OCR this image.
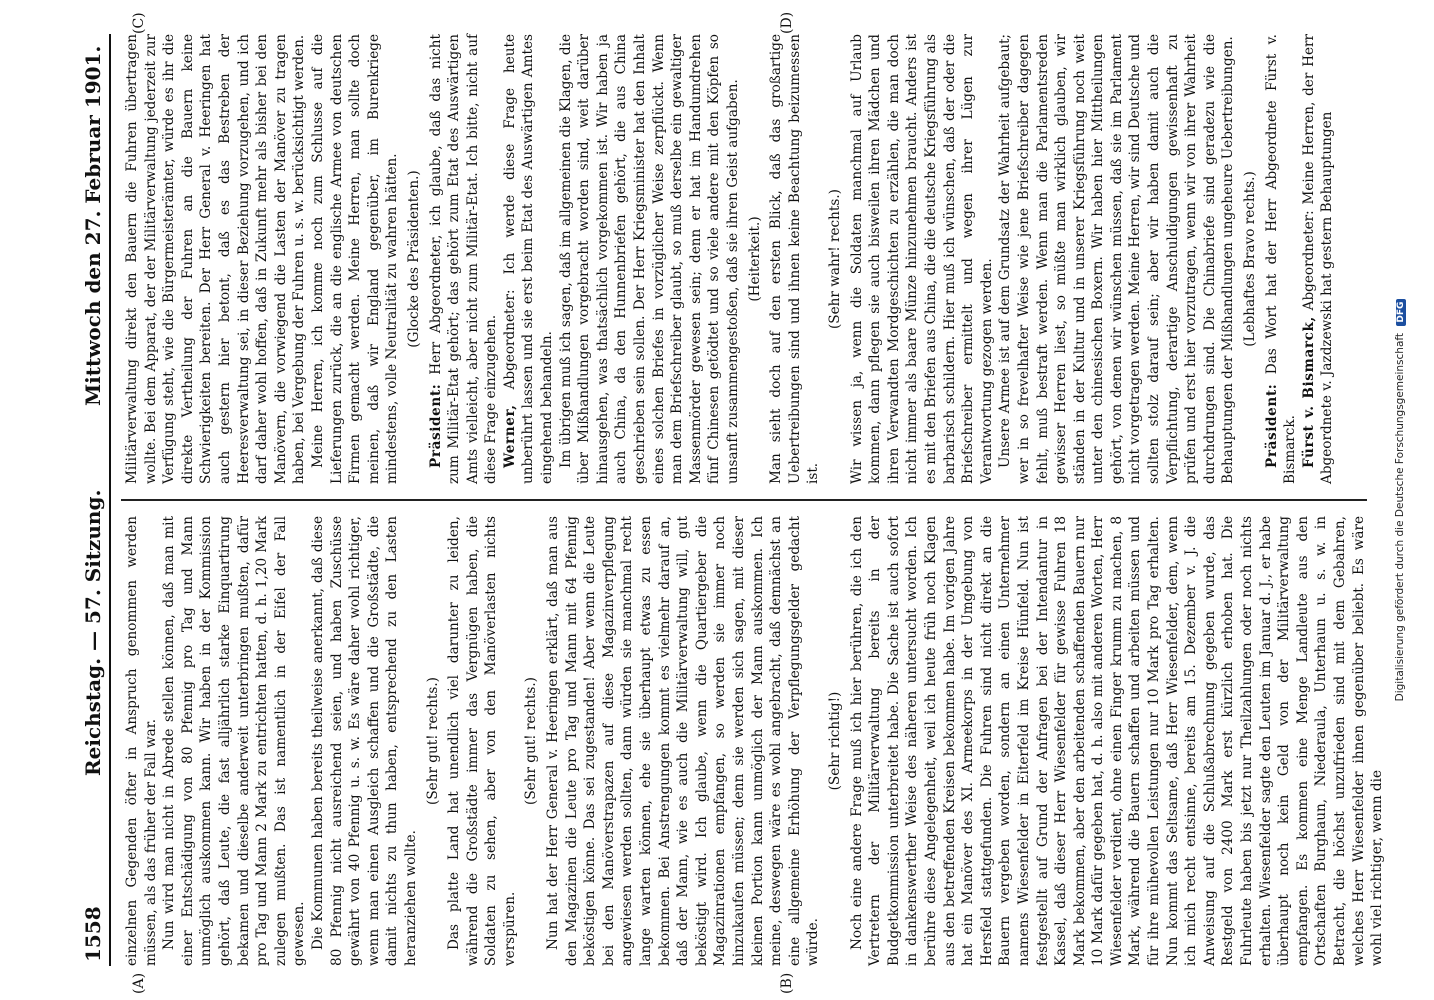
1558
Reichstag. — 57. Sitzung.
Mittwoch den 27. Februar 1901.
(A)	(B)
(C)	(D)

einzelnen Gegenden öfter in Anspruch genommen werden müssen, als das früher der Fall war. Nun wird man nicht in Abrede stellen können, daß man mit einer Entschädigung von 80 Pfennig pro Tag und Mann unmöglich auskommen kann. Wir haben in der Kommission gehört, daß Leute, die fast alljährlich starke Einquartirung bekamen und dieselbe anderweit unterbringen mußten, dafür pro Tag und Mann 2 Mark zu entrichten hatten, d. h. 1,20 Mark zulegen mußten. Das ist namentlich in der Eifel der Fall gewesen. Die Kommunen haben bereits theilweise anerkannt, daß diese 80 Pfennig nicht ausreichend seien, und haben Zuschüsse gewährt von 40 Pfennig u. s. w. Es wäre daher wohl richtiger, wenn man einen Ausgleich schaffen und die Großstädte, die damit nichts zu thun haben, entsprechend zu den Lasten heranziehen wollte.

(Sehr gut! rechts.) Das platte Land hat unendlich viel darunter zu leiden, während die Großstädte immer das Vergnügen haben, die Soldaten zu sehen, aber von den Manöverlasten nichts verspüren.

(Sehr gut! rechts.) Nun hat der Herr General v. Heeringen erklärt, daß man aus den Magazinen die Leute pro Tag und Mann mit 64 Pfennig beköstigen könne. Das sei zugestanden! Aber wenn die Leute bei den Manöverstrapazen auf diese Magazinverpflegung angewiesen werden sollten, dann würden sie manchmal recht lange warten können, ehe sie überhaupt etwas zu essen bekommen. Bei Anstrengungen kommt es vielmehr darauf an, daß der Mann, wie es auch die Militärverwaltung will, gut beköstigt wird. Ich glaube, wenn die Quartiergeber die Magazinrationen empfangen, so werden sie immer noch hinzukaufen müssen; denn sie werden sich sagen, mit dieser kleinen Portion kann unmöglich der Mann auskommen. Ich meine, deswegen wäre es wohl angebracht, daß demnächst an eine allgemeine Erhöhung der Verpflegungsgelder gedacht würde.

(Sehr richtig!) Noch eine andere Frage muß ich hier berühren, die ich den Vertretern der Militärverwaltung bereits in der Budgetkommission unterbreitet habe. Die Sache ist auch sofort in dankenswerther Weise des näheren untersucht worden. Ich berühre diese Angelegenheit, weil ich heute früh noch Klagen aus den betreffenden Kreisen bekommen habe. Im vorigen Jahre hat ein Manöver des XI. Armeekorps in der Umgebung von Hersfeld stattgefunden. Die Fuhren sind nicht direkt an die Bauern vergeben worden, sondern an einen Unternehmer namens Wiesenfelder in Eiterfeld im Kreise Hünfeld. Nun ist festgestellt auf Grund der Anfragen bei der Intendantur in Kassel, daß dieser Herr Wiesenfelder für gewisse Fuhren 18 Mark bekommen, aber den arbeitenden schaffenden Bauern nur 10 Mark dafür gegeben hat, d. h. also mit anderen Worten, Herr Wiesenfelder verdient, ohne einen Finger krumm zu machen, 8 Mark, während die Bauern schaffen und arbeiten müssen und für ihre mühevollen Leistungen nur 10 Mark pro Tag erhalten. Nun kommt das Seltsame, daß Herr Wiesenfelder, dem, wenn ich mich recht entsinne, bereits am 15. Dezember v. J. die Anweisung auf die Schlußabrechnung gegeben wurde, das Restgeld von 2400 Mark erst kürzlich erhoben hat. Die Fuhrleute haben bis jetzt nur Theilzahlungen oder noch nichts erhalten. Wiesenfelder sagte den Leuten im Januar d. J., er habe überhaupt noch kein Geld von der Militärverwaltung empfangen. Es kommen eine Menge Landleute aus den Ortschaften Burghaun, Niederaula, Unterhaun u. s. w. in Betracht, die höchst unzufrieden sind mit dem Gebahren, welches Herr Wiesenfelder ihnen gegenüber beliebt. Es wäre wohl viel richtiger, wenn die

Militärverwaltung direkt den Bauern die Fuhren übertragen wollte. Bei dem Apparat, der der Militärverwaltung jederzeit zur Verfügung steht, wie die Bürgermeisterämter, würde es ihr die direkte Vertheilung der Fuhren an die Bauern keine Schwierigkeiten bereiten. Der Herr General v. Heeringen hat auch gestern hier betont, daß es das Bestreben der Heeresverwaltung sei, in dieser Beziehung vorzugehen, und ich darf daher wohl hoffen, daß in Zukunft mehr als bisher bei den Manövern, die vorwiegend die Lasten der Manöver zu tragen haben, bei Vergebung der Fuhren u. s. w. berücksichtigt werden. Meine Herren, ich komme noch zum Schlusse auf die Lieferungen zurück, die an die englische Armee von deutschen Firmen gemacht werden. Meine Herren, man sollte doch meinen, daß wir England gegenüber, im Burenkriege mindestens, volle Neutralität zu wahren hätten. (Glocke des Präsidenten.)

Präsident: Herr Abgeordneter, ich glaube, daß das nicht zum Militär-Etat gehört; das gehört zum Etat des Auswärtigen Amts vielleicht, aber nicht zum Militär-Etat. Ich bitte, nicht auf diese Frage einzugehen. Werner, Abgeordneter: Ich werde diese Frage heute unberührt lassen und sie erst beim Etat des Auswärtigen Amtes eingehend behandeln. Im übrigen muß ich sagen, daß im allgemeinen die Klagen, die über Mißhandlungen vorgebracht worden sind, weit darüber hinausgehen, was thatsächlich vorgekommen ist. Wir haben ja auch China, da den Hunnenbriefen gehört, die aus China geschrieben sein sollen. Der Herr Kriegsminister hat den Inhalt eines solchen Briefes in vorzüglicher Weise zerpflückt. Wenn man dem Briefschreiber glaubt, so muß derselbe ein gewaltiger Massenmörder gewesen sein; denn er hat im Handumdrehen fünf Chinesen getödtet und so viele andere mit den Köpfen so unsanft zusammengestoßen, daß sie ihren Geist aufgaben. (Heiterkeit.) Man sieht doch auf den ersten Blick, daß das großartige Uebertreibungen sind und ihnen keine Beachtung beizumessen ist.

(Sehr wahr! rechts.) Wir wissen ja, wenn die Soldaten manchmal auf Urlaub kommen, dann pflegen sie auch bisweilen ihren Mädchen und ihren Verwandten Mordgeschichten zu erzählen, die man doch nicht immer als baare Münze hinzunehmen braucht. Anders ist es mit den Briefen aus China, die die deutsche Kriegsführung als barbarisch schildern. Hier muß ich wünschen, daß der oder die Briefschreiber ermittelt und wegen ihrer Lügen zur Verantwortung gezogen werden. Unsere Armee ist auf dem Grundsatz der Wahrheit aufgebaut; wer in so frevelhafter Weise wie jene Briefschreiber dagegen fehlt, muß bestraft werden. Wenn man die Parlamentsreden gewisser Herren liest, so müßte man wirklich glauben, wir ständen in der Kultur und in unserer Kriegsführung noch weit unter den chinesischen Boxern. Wir haben hier Mittheilungen gehört, von denen wir wünschen müssen, daß sie im Parlament nicht vorgetragen werden. Meine Herren, wir sind Deutsche und sollten stolz darauf sein; aber wir haben damit auch die Verpflichtung, derartige Anschuldigungen gewissenhaft zu prüfen und erst hier vorzutragen, wenn wir von ihrer Wahrheit durchdrungen sind. Die Chinabriefe sind geradezu wie die Behauptungen der Mißhandlungen ungeheure Uebertreibungen. (Lebhaftes Bravo rechts.)

Präsident: Das Wort hat der Herr Abgeordnete Fürst v. Bismarck. Fürst v. Bismarck, Abgeordneter: Meine Herren, der Herr Abgeordnete v. Jazdzewski hat gestern Behauptungen

Digitalisierung gefördert durch die Deutsche Forschungsgemeinschaft DFG
